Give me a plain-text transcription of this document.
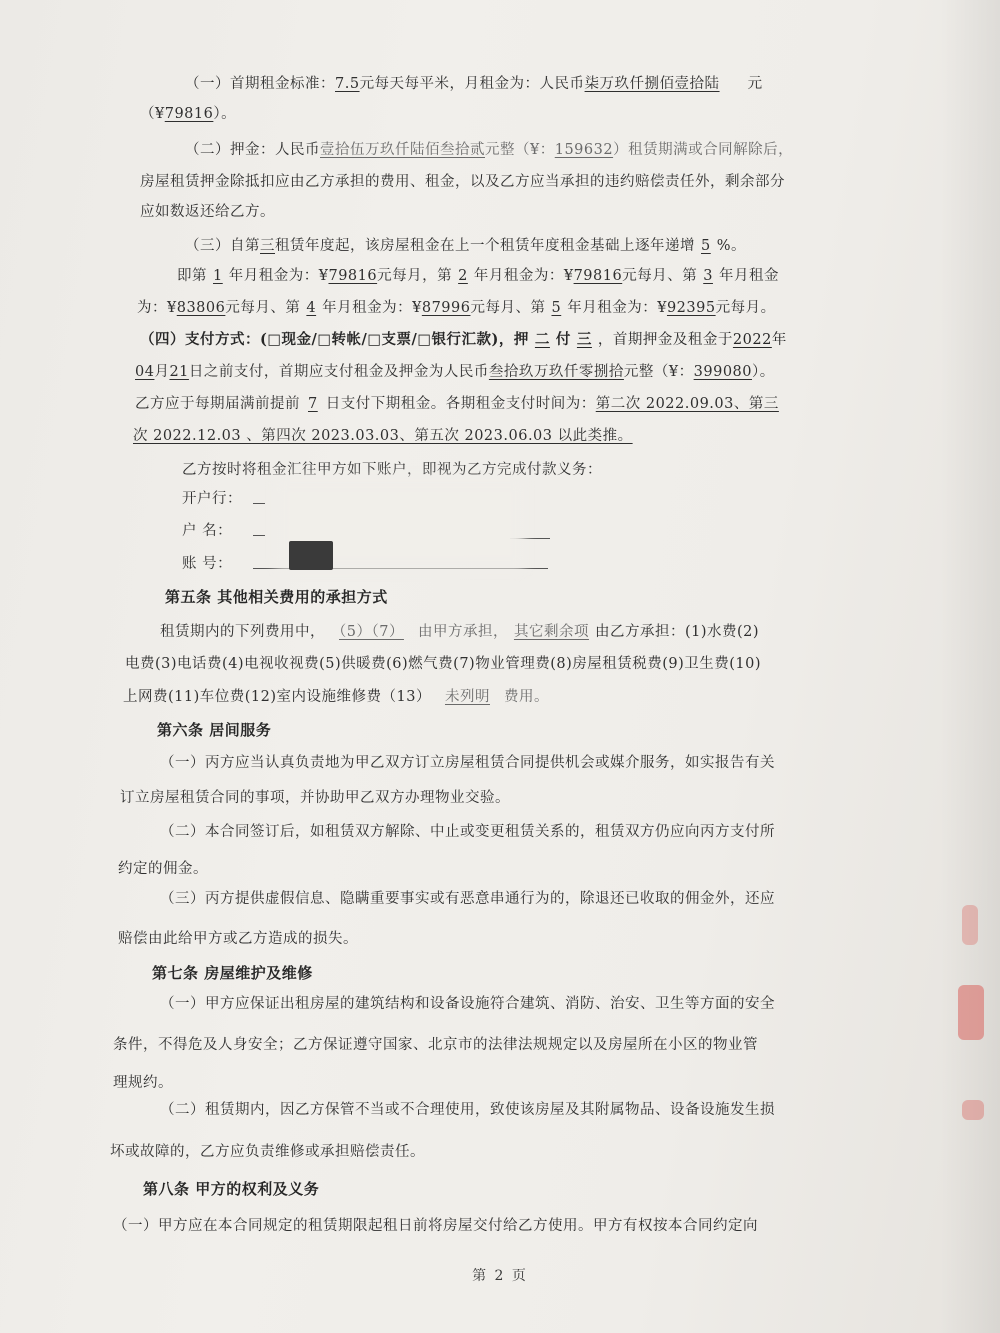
（一）首期租金标准：7.5元每天每平米，月租金为：人民币柒万玖仟捌佰壹拾陆 元
（¥79816）。
（二）押金：人民币壹拾伍万玖仟陆佰叁拾贰元整（¥：159632）租赁期满或合同解除后，
房屋租赁押金除抵扣应由乙方承担的费用、租金，以及乙方应当承担的违约赔偿责任外，剩余部分
应如数返还给乙方。
（三）自第三租赁年度起，该房屋租金在上一个租赁年度租金基础上逐年递增 5 %。
即第 1 年月租金为：¥79816元每月，第 2 年月租金为：¥79816元每月、第 3 年月租金
为：¥83806元每月、第 4 年月租金为：¥87996元每月、第 5 年月租金为：¥92395元每月。
（四）支付方式：(□现金/□转帐/□支票/□银行汇款)，押 二 付 三 ，首期押金及租金于2022年
04月21日之前支付，首期应支付租金及押金为人民币叁拾玖万玖仟零捌拾元整（¥：399080）。
乙方应于每期届满前提前 7 日支付下期租金。各期租金支付时间为：第二次 2022.09.03、第三
次 2022.12.03 、第四次 2023.03.03、第五次 2023.06.03 以此类推。
乙方按时将租金汇往甲方如下账户，即视为乙方完成付款义务：
开户行：
户 名：
账 号：
第五条 其他相关费用的承担方式
租赁期内的下列费用中， （5）（7） 由甲方承担， 其它剩余项 由乙方承担：(1)水费(2)
电费(3)电话费(4)电视收视费(5)供暖费(6)燃气费(7)物业管理费(8)房屋租赁税费(9)卫生费(10)
上网费(11)车位费(12)室内设施维修费（13） 未列明 费用。
第六条 居间服务
（一）丙方应当认真负责地为甲乙双方订立房屋租赁合同提供机会或媒介服务，如实报告有关
订立房屋租赁合同的事项，并协助甲乙双方办理物业交验。
（二）本合同签订后，如租赁双方解除、中止或变更租赁关系的，租赁双方仍应向丙方支付所
约定的佣金。
（三）丙方提供虚假信息、隐瞒重要事实或有恶意串通行为的，除退还已收取的佣金外，还应
赔偿由此给甲方或乙方造成的损失。
第七条 房屋维护及维修
（一）甲方应保证出租房屋的建筑结构和设备设施符合建筑、消防、治安、卫生等方面的安全
条件，不得危及人身安全；乙方保证遵守国家、北京市的法律法规规定以及房屋所在小区的物业管
理规约。
（二）租赁期内，因乙方保管不当或不合理使用，致使该房屋及其附属物品、设备设施发生损
坏或故障的，乙方应负责维修或承担赔偿责任。
第八条 甲方的权利及义务
（一）甲方应在本合同规定的租赁期限起租日前将房屋交付给乙方使用。甲方有权按本合同约定向
第 2 页
